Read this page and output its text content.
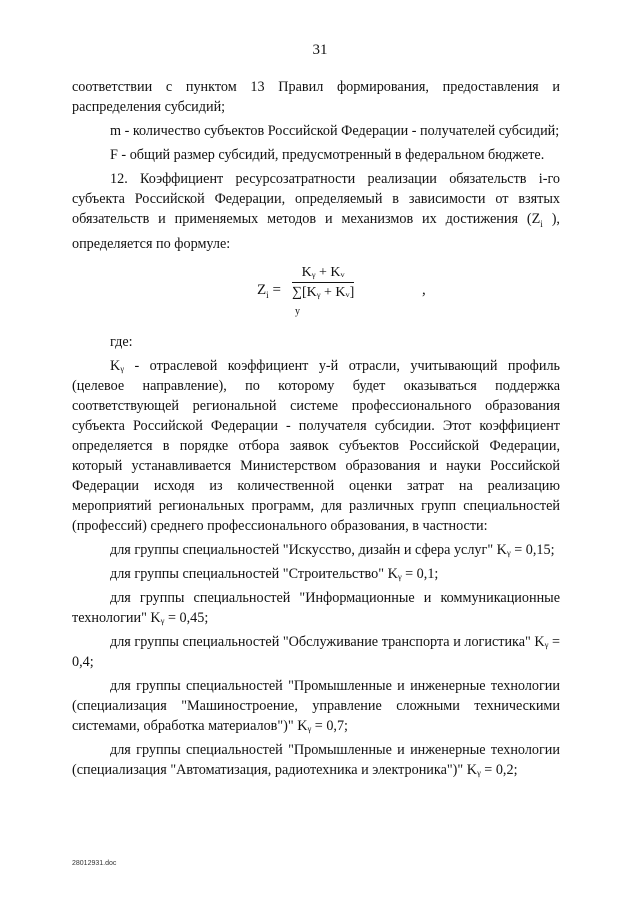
31

соответствии с пунктом 13 Правил формирования, предоставления и распределения субсидий;

m - количество субъектов Российской Федерации - получателей субсидий;

F - общий размер субсидий, предусмотренный в федеральном бюджете.

12. Коэффициент ресурсозатратности реализации обязательств i-го субъекта Российской Федерации, определяемый в зависимости от взятых обязательств и применяемых методов и механизмов их достижения ($Z_i$ ), определяется по формуле:

$Z_i = \frac{\text{Kᵧ + Kᵥ}}{\text{∑[Kᵧ + Kᵥ]}}$
y
,

где:

Kᵧ - отраслевой коэффициент y-й отрасли, учитывающий профиль (целевое направление), по которому будет оказываться поддержка соответствующей региональной системе профессионального образования субъекта Российской Федерации - получателя субсидии. Этот коэффициент определяется в порядке отбора заявок субъектов Российской Федерации, который устанавливается Министерством образования и науки Российской Федерации исходя из количественной оценки затрат на реализацию мероприятий региональных программ, для различных групп специальностей (профессий) среднего профессионального образования, в частности:

для группы специальностей "Искусство, дизайн и сфера услуг" Kᵧ = 0,15;

для группы специальностей "Строительство" Kᵧ = 0,1;

для группы специальностей "Информационные и коммуникационные технологии" Kᵧ = 0,45;

для группы специальностей "Обслуживание транспорта и логистика" Kᵧ = 0,4;

для группы специальностей "Промышленные и инженерные технологии (специализация "Машиностроение, управление сложными техническими системами, обработка материалов")" Kᵧ = 0,7;

для группы специальностей "Промышленные и инженерные технологии (специализация "Автоматизация, радиотехника и электроника")" Kᵧ = 0,2;

28012931.doc
